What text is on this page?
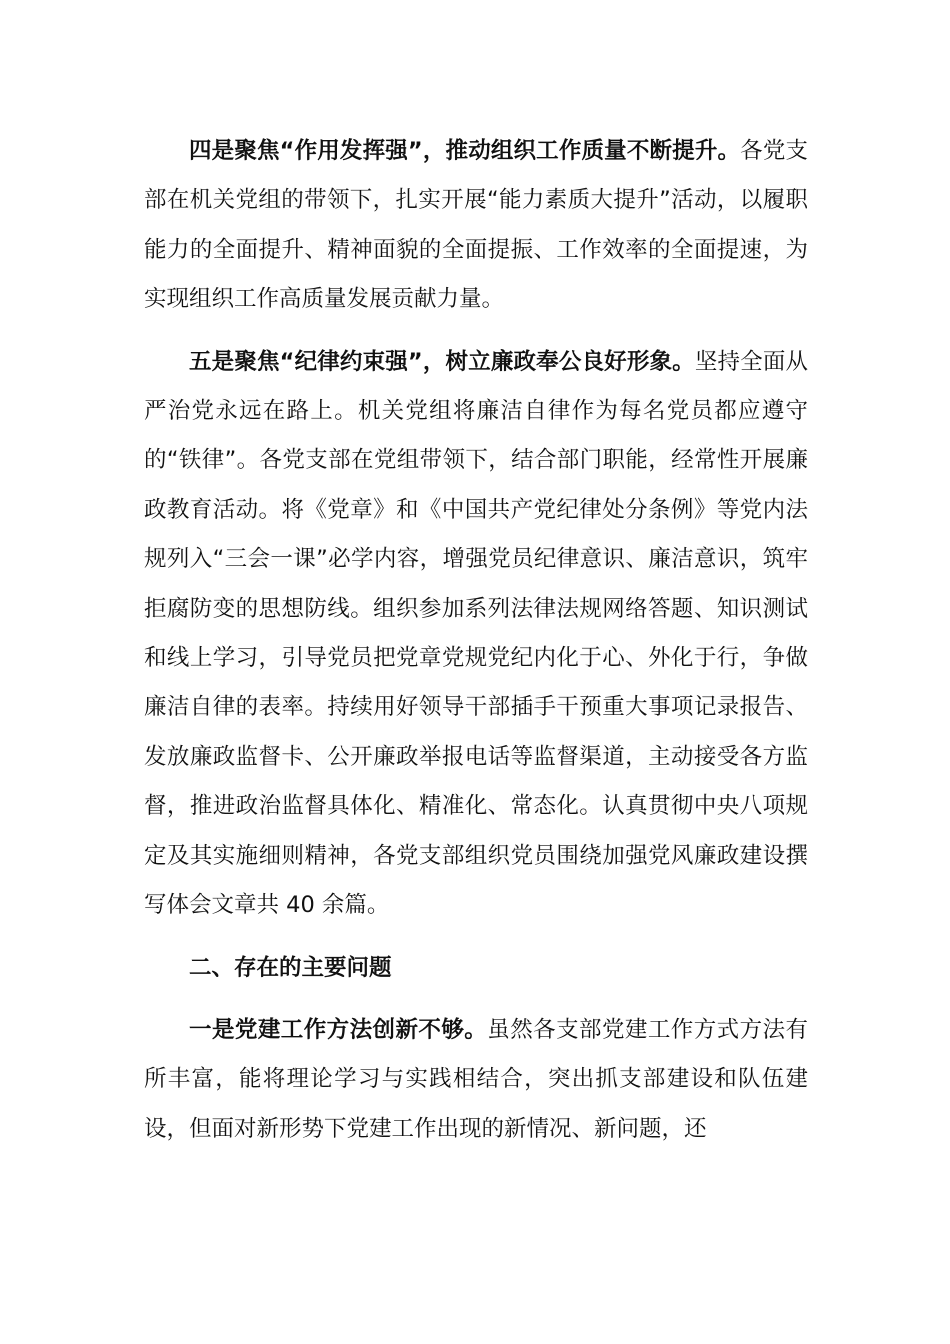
四是聚焦“作用发挥强”，推动组织工作质量不断提升。各党支部在机关党组的带领下，扎实开展“能力素质大提升”活动，以履职能力的全面提升、精神面貌的全面提振、工作效率的全面提速，为实现组织工作高质量发展贡献力量。

五是聚焦“纪律约束强”，树立廉政奉公良好形象。坚持全面从严治党永远在路上。机关党组将廉洁自律作为每名党员都应遵守的“铁律”。各党支部在党组带领下，结合部门职能，经常性开展廉政教育活动。将《党章》和《中国共产党纪律处分条例》等党内法规列入“三会一课”必学内容，增强党员纪律意识、廉洁意识，筑牢拒腐防变的思想防线。组织参加系列法律法规网络答题、知识测试和线上学习，引导党员把党章党规党纪内化于心、外化于行，争做廉洁自律的表率。持续用好领导干部插手干预重大事项记录报告、发放廉政监督卡、公开廉政举报电话等监督渠道，主动接受各方监督，推进政治监督具体化、精准化、常态化。认真贯彻中央八项规定及其实施细则精神，各党支部组织党员围绕加强党风廉政建设撰写体会文章共 40 余篇。

二、存在的主要问题

一是党建工作方法创新不够。虽然各支部党建工作方式方法有所丰富，能将理论学习与实践相结合，突出抓支部建设和队伍建设，但面对新形势下党建工作出现的新情况、新问题，还
